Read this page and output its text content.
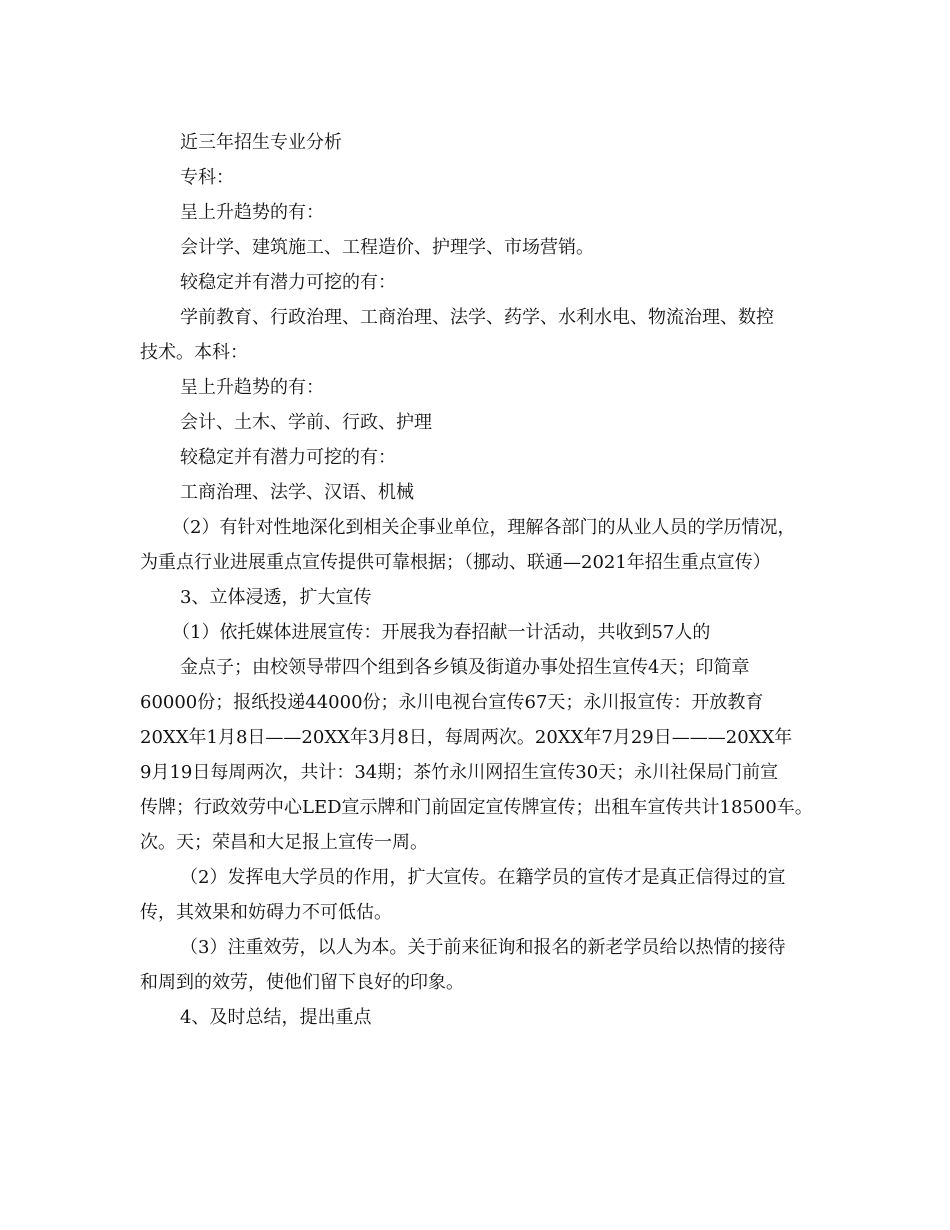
近三年招生专业分析
专科：
呈上升趋势的有：
会计学、建筑施工、工程造价、护理学、市场营销。
较稳定并有潜力可挖的有：
学前教育、行政治理、工商治理、法学、药学、水利水电、物流治理、数控
技术。本科：
呈上升趋势的有：
会计、土木、学前、行政、护理
较稳定并有潜力可挖的有：
工商治理、法学、汉语、机械
（2）有针对性地深化到相关企事业单位，理解各部门的从业人员的学历情况，
为重点行业进展重点宣传提供可靠根据；（挪动、联通—2021年招生重点宣传）
3、立体浸透，扩大宣传
（1）依托媒体进展宣传：开展我为春招献一计活动，共收到57人的
金点子；由校领导带四个组到各乡镇及街道办事处招生宣传4天；印简章
60000份；报纸投递44000份；永川电视台宣传67天；永川报宣传：开放教育
20XX年1月8日——20XX年3月8日，每周两次。20XX年7月29日———20XX年
9月19日每周两次，共计：34期；茶竹永川网招生宣传30天；永川社保局门前宣
传牌；行政效劳中心LED宣示牌和门前固定宣传牌宣传；出租车宣传共计18500车。
次。天；荣昌和大足报上宣传一周。
（2）发挥电大学员的作用，扩大宣传。在籍学员的宣传才是真正信得过的宣
传，其效果和妨碍力不可低估。
（3）注重效劳，以人为本。关于前来征询和报名的新老学员给以热情的接待
和周到的效劳，使他们留下良好的印象。
4、及时总结，提出重点
